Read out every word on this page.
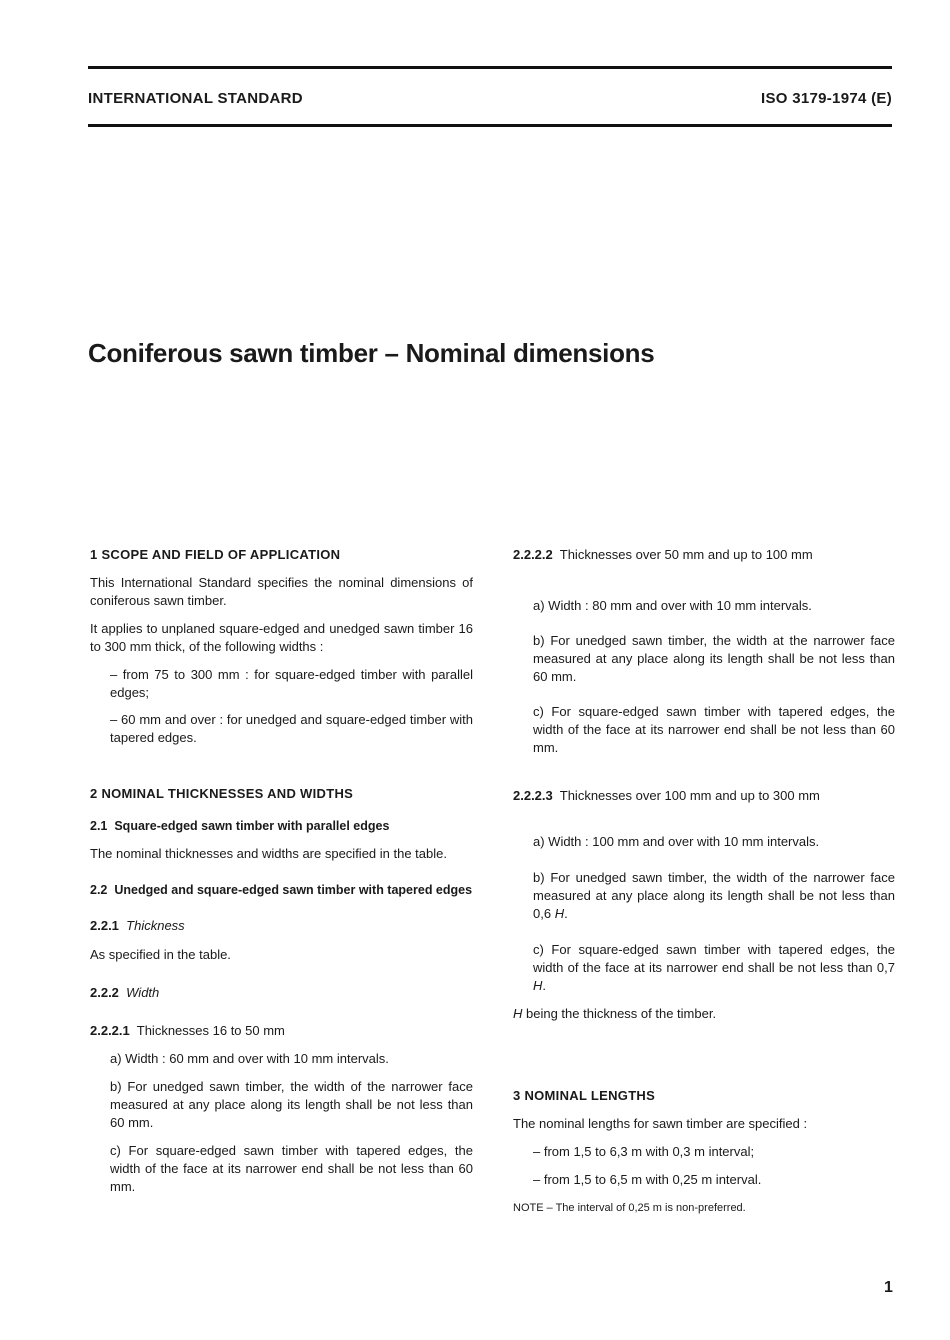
INTERNATIONAL STANDARD	ISO 3179-1974 (E)
Coniferous sawn timber – Nominal dimensions

1 SCOPE AND FIELD OF APPLICATION

This International Standard specifies the nominal dimensions of coniferous sawn timber.

It applies to unplaned square-edged and unedged sawn timber 16 to 300 mm thick, of the following widths :

– from 75 to 300 mm : for square-edged timber with parallel edges;

– 60 mm and over : for unedged and square-edged timber with tapered edges.

2 NOMINAL THICKNESSES AND WIDTHS

2.1 Square-edged sawn timber with parallel edges

The nominal thicknesses and widths are specified in the table.

2.2 Unedged and square-edged sawn timber with tapered edges

2.2.1 Thickness

As specified in the table.

2.2.2 Width

2.2.2.1 Thicknesses 16 to 50 mm

a) Width : 60 mm and over with 10 mm intervals.

b) For unedged sawn timber, the width of the narrower face measured at any place along its length shall be not less than 60 mm.

c) For square-edged sawn timber with tapered edges, the width of the face at its narrower end shall be not less than 60 mm.

2.2.2.2 Thicknesses over 50 mm and up to 100 mm

a) Width : 80 mm and over with 10 mm intervals.

b) For unedged sawn timber, the width at the narrower face measured at any place along its length shall be not less than 60 mm.

c) For square-edged sawn timber with tapered edges, the width of the face at its narrower end shall be not less than 60 mm.

2.2.2.3 Thicknesses over 100 mm and up to 300 mm

a) Width : 100 mm and over with 10 mm intervals.

b) For unedged sawn timber, the width of the narrower face measured at any place along its length shall be not less than 0,6 H.

c) For square-edged sawn timber with tapered edges, the width of the face at its narrower end shall be not less than 0,7 H.

H being the thickness of the timber.

3 NOMINAL LENGTHS

The nominal lengths for sawn timber are specified :

– from 1,5 to 6,3 m with 0,3 m interval;

– from 1,5 to 6,5 m with 0,25 m interval.

NOTE – The interval of 0,25 m is non-preferred.

1
